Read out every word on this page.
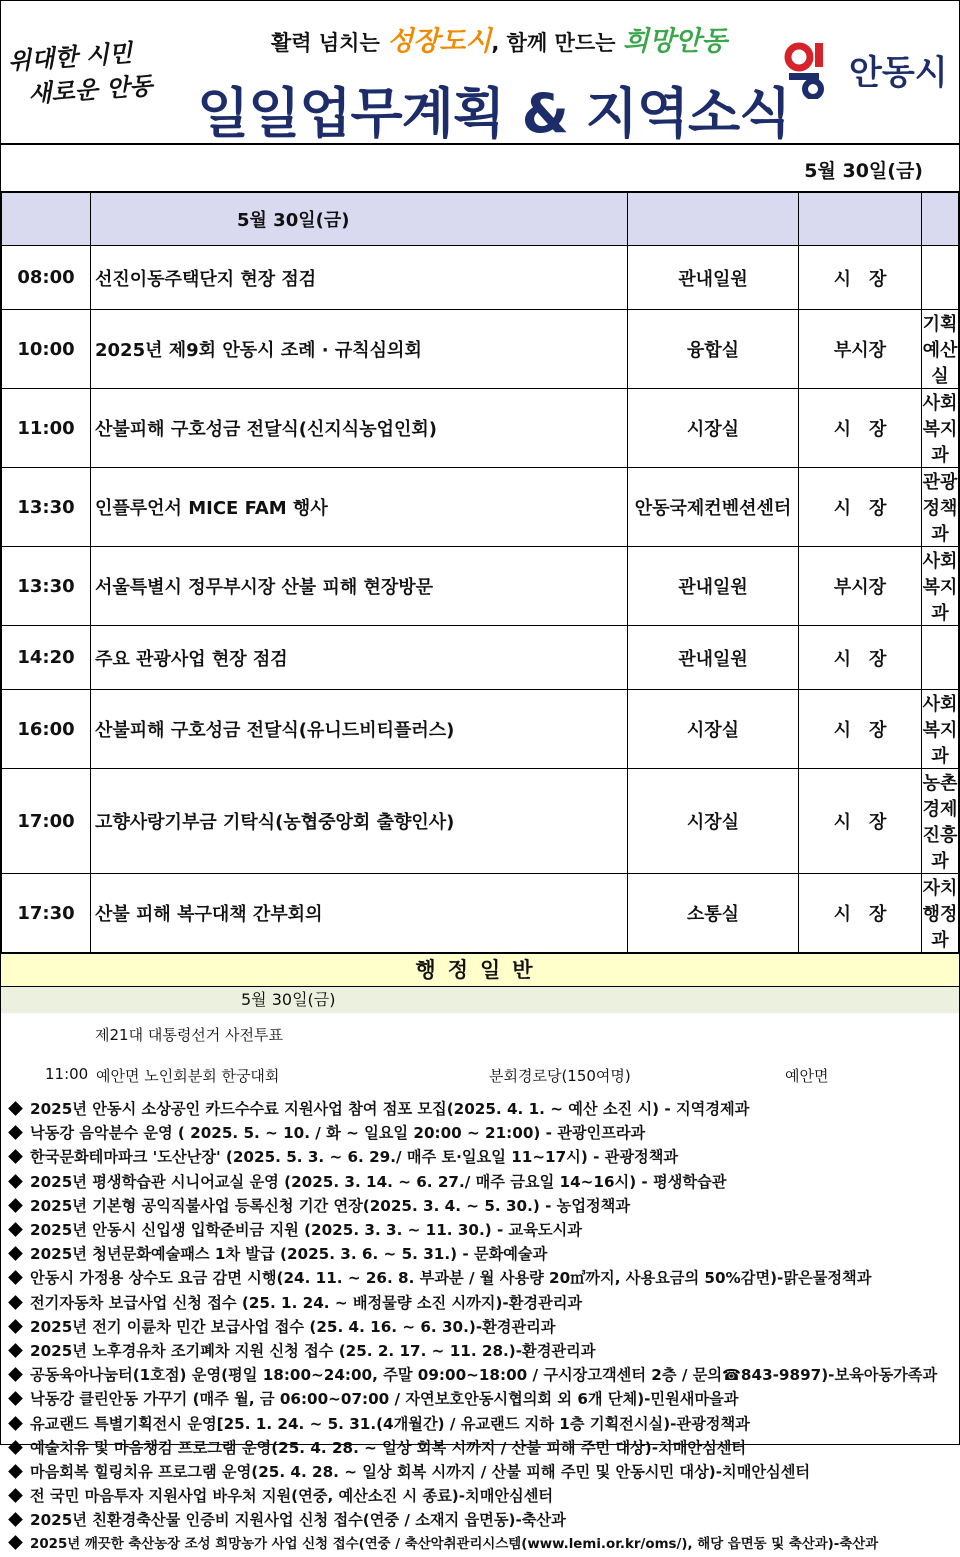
위대한 시민
새로운 안동
활력 넘치는 성장도시, 함께 만드는 희망안동
일일업무계획 & 지역소식
안동시
5월 30일(금)
	5월 30일(금)			
08:00	선진이동주택단지 현장 점검	관내일원	시　장	
10:00	2025년 제9회 안동시 조례 · 규칙심의회	융합실	부시장	기획예산실
11:00	산불피해 구호성금 전달식(신지식농업인회)	시장실	시　장	사회복지과
13:30	인플루언서 MICE FAM 행사	안동국제컨벤션센터	시　장	관광정책과
13:30	서울특별시 정무부시장 산불 피해 현장방문	관내일원	부시장	사회복지과
14:20	주요 관광사업 현장 점검	관내일원	시　장	
16:00	산불피해 구호성금 전달식(유니드비티플러스)	시장실	시　장	사회복지과
17:00	고향사랑기부금 기탁식(농협중앙회 출향인사)	시장실	시　장	농촌경제진흥과
17:30	산불 피해 복구대책 간부회의	소통실	시　장	자치행정과
행정일반
5월 30일(금)
제21대 대통령선거 사전투표
11:00 예안면 노인회분회 한궁대회	분회경로당(150여명)	예안면
2025년 안동시 소상공인 카드수수료 지원사업 참여 점포 모집(2025. 4. 1. ~ 예산 소진 시) - 지역경제과
낙동강 음악분수 운영 ( 2025. 5. ~ 10. / 화 ~ 일요일 20:00 ~ 21:00) - 관광인프라과
한국문화테마파크 '도산난장' (2025. 5. 3. ~ 6. 29./ 매주 토·일요일 11~17시) - 관광정책과
2025년 평생학습관 시니어교실 운영 (2025. 3. 14. ~ 6. 27./ 매주 금요일 14~16시) - 평생학습관
2025년 기본형 공익직불사업 등록신청 기간 연장(2025. 3. 4. ~ 5. 30.) - 농업정책과
2025년 안동시 신입생 입학준비금 지원 (2025. 3. 3. ~ 11. 30.) - 교육도시과
2025년 청년문화예술패스 1차 발급 (2025. 3. 6. ~ 5. 31.) - 문화예술과
안동시 가정용 상수도 요금 감면 시행(24. 11. ~ 26. 8. 부과분 / 월 사용량 20㎥까지, 사용요금의 50%감면)-맑은물정책과
전기자동차 보급사업 신청 접수 (25. 1. 24. ~ 배정물량 소진 시까지)-환경관리과
2025년 전기 이륜차 민간 보급사업 접수 (25. 4. 16. ~ 6. 30.)-환경관리과
2025년 노후경유차 조기폐차 지원 신청 접수 (25. 2. 17. ~ 11. 28.)-환경관리과
공동육아나눔터(1호점) 운영(평일 18:00~24:00, 주말 09:00~18:00 / 구시장고객센터 2층 / 문의☎843-9897)-보육아동가족과
낙동강 클린안동 가꾸기 (매주 월, 금 06:00~07:00 / 자연보호안동시협의회 외 6개 단체)-민원새마을과
유교랜드 특별기획전시 운영[25. 1. 24. ~ 5. 31.(4개월간) / 유교랜드 지하 1층 기획전시실)-관광정책과
예술치유 및 마음챙김 프로그램 운영(25. 4. 28. ~ 일상 회복 시까지 / 산불 피해 주민 대상)-치매안심센터
마음회복 힐링치유 프로그램 운영(25. 4. 28. ~ 일상 회복 시까지 / 산불 피해 주민 및 안동시민 대상)-치매안심센터
전 국민 마음투자 지원사업 바우처 지원(연중, 예산소진 시 종료)-치매안심센터
2025년 친환경축산물 인증비 지원사업 신청 접수(연중 / 소재지 읍면동)-축산과
2025년 깨끗한 축산농장 조성 희망농가 사업 신청 접수(연중 / 축산악취관리시스템(www.lemi.or.kr/oms/), 해당 읍면동 및 축산과)-축산과
